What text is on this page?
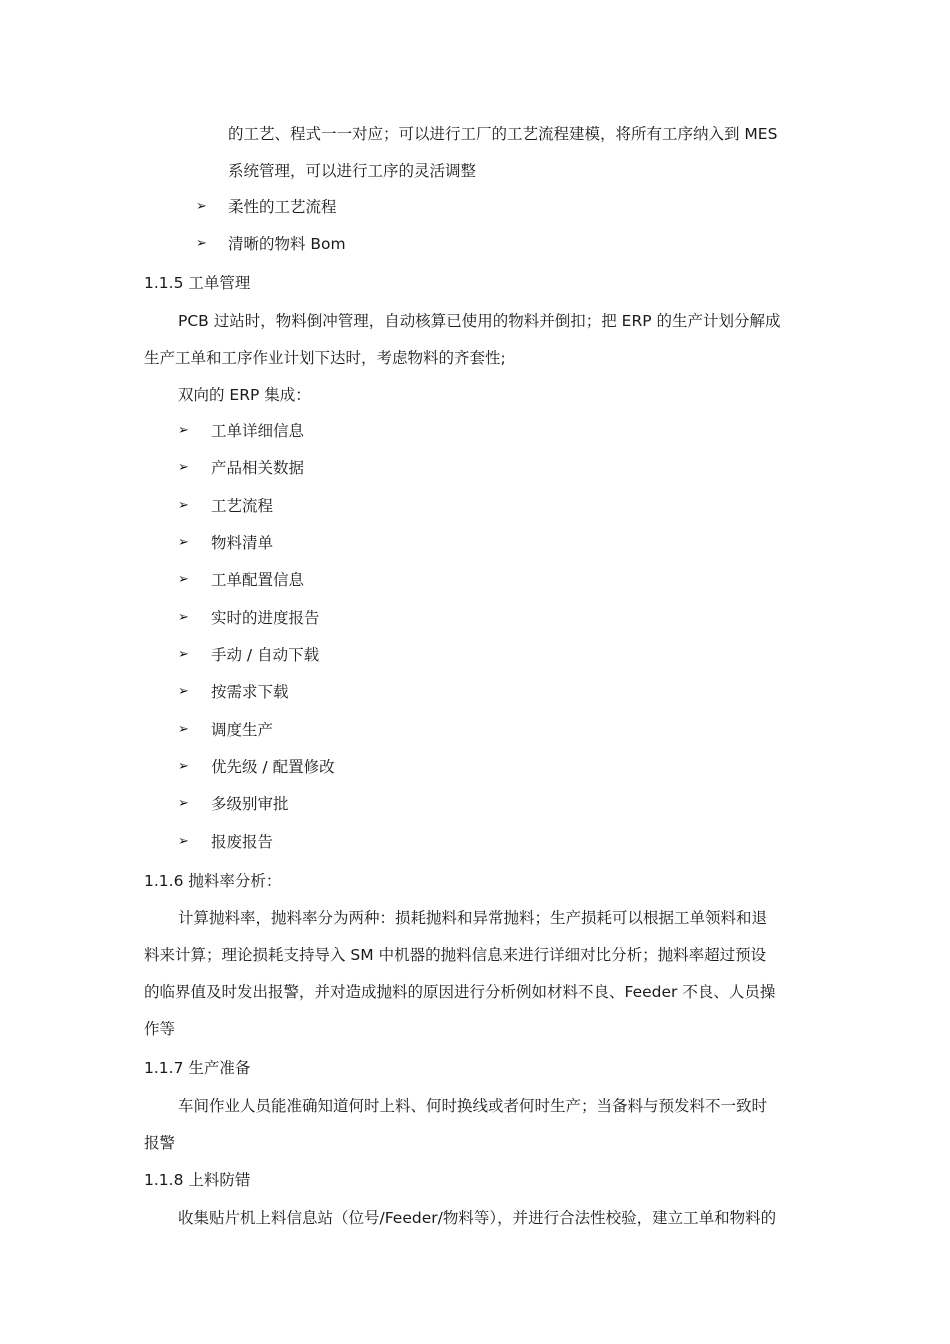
的工艺、程式一一对应；可以进行工厂的工艺流程建模，将所有工序纳入到 MES
系统管理，可以进行工序的灵活调整
➢ 柔性的工艺流程
➢ 清晰的物料 Bom
1.1.5 工单管理
PCB 过站时，物料倒冲管理，自动核算已使用的物料并倒扣；把 ERP 的生产计划分解成
生产工单和工序作业计划下达时，考虑物料的齐套性;
双向的 ERP 集成：
➢ 工单详细信息
➢ 产品相关数据
➢ 工艺流程
➢ 物料清单
➢ 工单配置信息
➢ 实时的进度报告
➢ 手动 / 自动下载
➢ 按需求下载
➢ 调度生产
➢ 优先级 / 配置修改
➢ 多级别审批
➢ 报废报告
1.1.6 抛料率分析：
计算抛料率，抛料率分为两种：损耗抛料和异常抛料；生产损耗可以根据工单领料和退
料来计算；理论损耗支持导入 SM 中机器的抛料信息来进行详细对比分析；抛料率超过预设
的临界值及时发出报警，并对造成抛料的原因进行分析例如材料不良、Feeder 不良、人员操
作等
1.1.7 生产准备
车间作业人员能准确知道何时上料、何时换线或者何时生产；当备料与预发料不一致时
报警
1.1.8 上料防错
收集贴片机上料信息站（位号/Feeder/物料等），并进行合法性校验，建立工单和物料的
